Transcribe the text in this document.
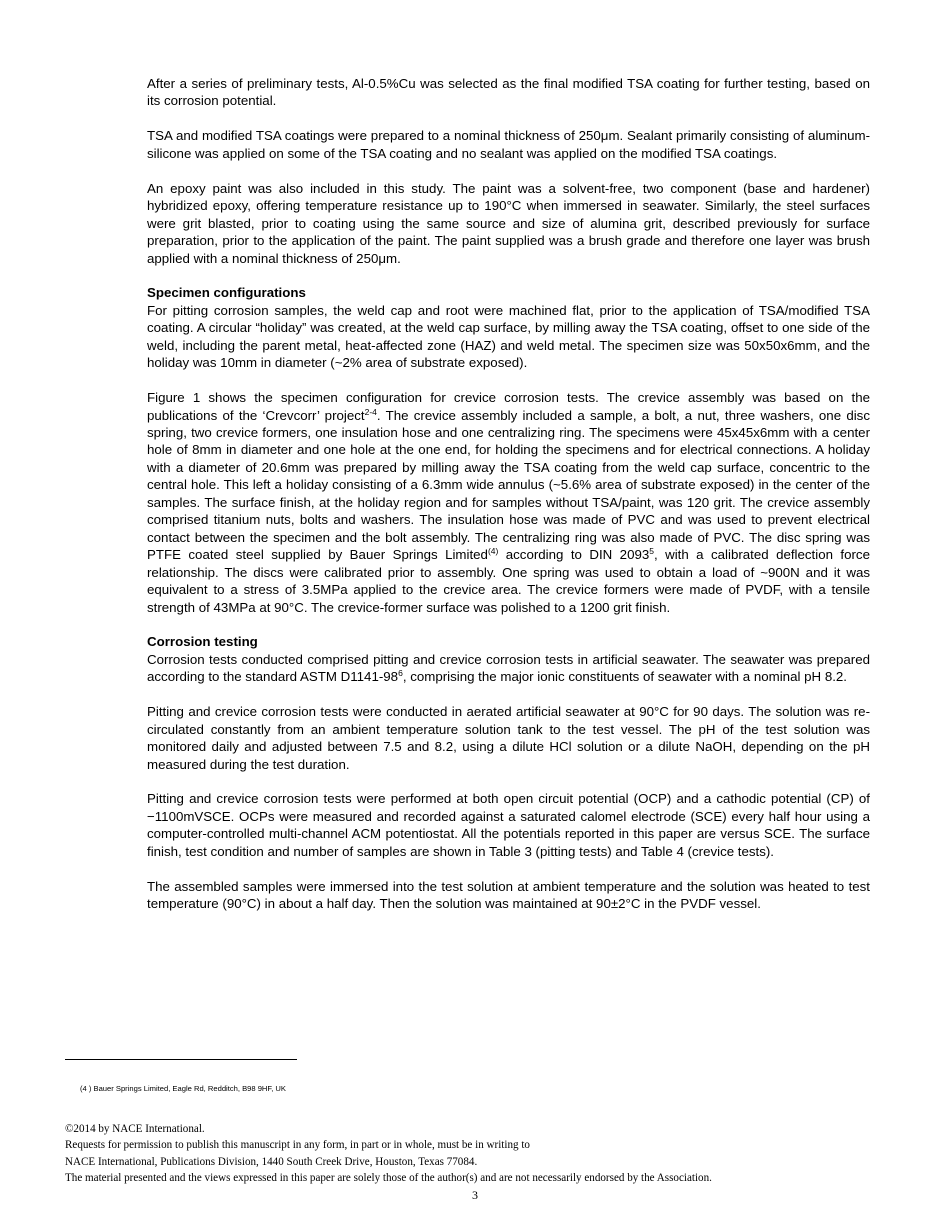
After a series of preliminary tests, Al-0.5%Cu was selected as the final modified TSA coating for further testing, based on its corrosion potential.

TSA and modified TSA coatings were prepared to a nominal thickness of 250μm. Sealant primarily consisting of aluminum-silicone was applied on some of the TSA coating and no sealant was applied on the modified TSA coatings.

An epoxy paint was also included in this study. The paint was a solvent-free, two component (base and hardener) hybridized epoxy, offering temperature resistance up to 190°C when immersed in seawater. Similarly, the steel surfaces were grit blasted, prior to coating using the same source and size of alumina grit, described previously for surface preparation, prior to the application of the paint. The paint supplied was a brush grade and therefore one layer was brush applied with a nominal thickness of 250μm.

Specimen configurations

For pitting corrosion samples, the weld cap and root were machined flat, prior to the application of TSA/modified TSA coating. A circular “holiday” was created, at the weld cap surface, by milling away the TSA coating, offset to one side of the weld, including the parent metal, heat-affected zone (HAZ) and weld metal. The specimen size was 50x50x6mm, and the holiday was 10mm in diameter (~2% area of substrate exposed).

Figure 1 shows the specimen configuration for crevice corrosion tests. The crevice assembly was based on the publications of the ‘Crevcorr’ project$^{2-4}$. The crevice assembly included a sample, a bolt, a nut, three washers, one disc spring, two crevice formers, one insulation hose and one centralizing ring. The specimens were 45x45x6mm with a center hole of 8mm in diameter and one hole at the one end, for holding the specimens and for electrical connections. A holiday with a diameter of 20.6mm was prepared by milling away the TSA coating from the weld cap surface, concentric to the central hole. This left a holiday consisting of a 6.3mm wide annulus (~5.6% area of substrate exposed) in the center of the samples. The surface finish, at the holiday region and for samples without TSA/paint, was 120 grit. The crevice assembly comprised titanium nuts, bolts and washers. The insulation hose was made of PVC and was used to prevent electrical contact between the specimen and the bolt assembly. The centralizing ring was also made of PVC. The disc spring was PTFE coated steel supplied by Bauer Springs Limited$^{(4)}$ according to DIN 2093$^5$, with a calibrated deflection force relationship. The discs were calibrated prior to assembly. One spring was used to obtain a load of ~900N and it was equivalent to a stress of 3.5MPa applied to the crevice area. The crevice formers were made of PVDF, with a tensile strength of 43MPa at 90°C. The crevice-former surface was polished to a 1200 grit finish.

Corrosion testing

Corrosion tests conducted comprised pitting and crevice corrosion tests in artificial seawater. The seawater was prepared according to the standard ASTM $D1141-98^6$, comprising the major ionic constituents of seawater with a nominal pH 8.2.

Pitting and crevice corrosion tests were conducted in aerated artificial seawater at 90°C for 90 days. The solution was re-circulated constantly from an ambient temperature solution tank to the test vessel. The pH of the test solution was monitored daily and adjusted between 7.5 and 8.2, using a dilute HCl solution or a dilute NaOH, depending on the pH measured during the test duration.

Pitting and crevice corrosion tests were performed at both open circuit potential (OCP) and a cathodic potential (CP) of −1100mVSCE. OCPs were measured and recorded against a saturated calomel electrode (SCE) every half hour using a computer-controlled multi-channel ACM potentiostat. All the potentials reported in this paper are versus SCE. The surface finish, test condition and number of samples are shown in Table 3 (pitting tests) and Table 4 (crevice tests).

The assembled samples were immersed into the test solution at ambient temperature and the solution was heated to test temperature (90°C) in about a half day. Then the solution was maintained at 90±2°C in the PVDF vessel.

(4 ) Bauer Springs Limited, Eagle Rd, Redditch, B98 9HF, UK
©2014 by NACE International.
Requests for permission to publish this manuscript in any form, in part or in whole, must be in writing to
NACE International, Publications Division, 1440 South Creek Drive, Houston, Texas 77084.
The material presented and the views expressed in this paper are solely those of the author(s) and are not necessarily endorsed by the Association.
3
